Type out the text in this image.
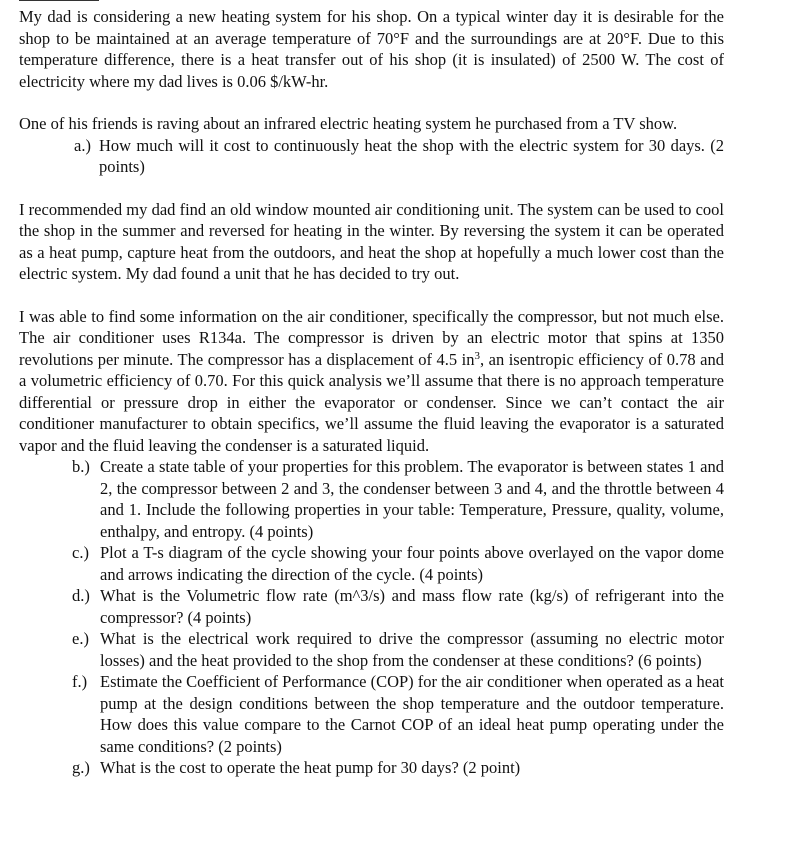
My dad is considering a new heating system for his shop. On a typical winter day it is desirable for the shop to be maintained at an average temperature of 70°F and the surroundings are at 20°F. Due to this temperature difference, there is a heat transfer out of his shop (it is insulated) of 2500 W. The cost of electricity where my dad lives is 0.06 $/kW-hr.

One of his friends is raving about an infrared electric heating system he purchased from a TV show.

a.) How much will it cost to continuously heat the shop with the electric system for 30 days. (2 points)

I recommended my dad find an old window mounted air conditioning unit. The system can be used to cool the shop in the summer and reversed for heating in the winter. By reversing the system it can be operated as a heat pump, capture heat from the outdoors, and heat the shop at hopefully a much lower cost than the electric system. My dad found a unit that he has decided to try out.

I was able to find some information on the air conditioner, specifically the compressor, but not much else. The air conditioner uses R134a. The compressor is driven by an electric motor that spins at 1350 revolutions per minute. The compressor has a displacement of 4.5 $in^3$, an isentropic efficiency of 0.78 and a volumetric efficiency of 0.70. For this quick analysis we’ll assume that there is no approach temperature differential or pressure drop in either the evaporator or condenser. Since we can’t contact the air conditioner manufacturer to obtain specifics, we’ll assume the fluid leaving the evaporator is a saturated vapor and the fluid leaving the condenser is a saturated liquid.

b.) Create a state table of your properties for this problem. The evaporator is between states 1 and 2, the compressor between 2 and 3, the condenser between 3 and 4, and the throttle between 4 and 1. Include the following properties in your table: Temperature, Pressure, quality, volume, enthalpy, and entropy. (4 points)
c.) Plot a T-s diagram of the cycle showing your four points above overlayed on the vapor dome and arrows indicating the direction of the cycle. (4 points)
d.) What is the Volumetric flow rate (m^3/s) and mass flow rate (kg/s) of refrigerant into the compressor? (4 points)
e.) What is the electrical work required to drive the compressor (assuming no electric motor losses) and the heat provided to the shop from the condenser at these conditions? (6 points)
f.) Estimate the Coefficient of Performance (COP) for the air conditioner when operated as a heat pump at the design conditions between the shop temperature and the outdoor temperature. How does this value compare to the Carnot COP of an ideal heat pump operating under the same conditions? (2 points)
g.) What is the cost to operate the heat pump for 30 days? (2 point)
